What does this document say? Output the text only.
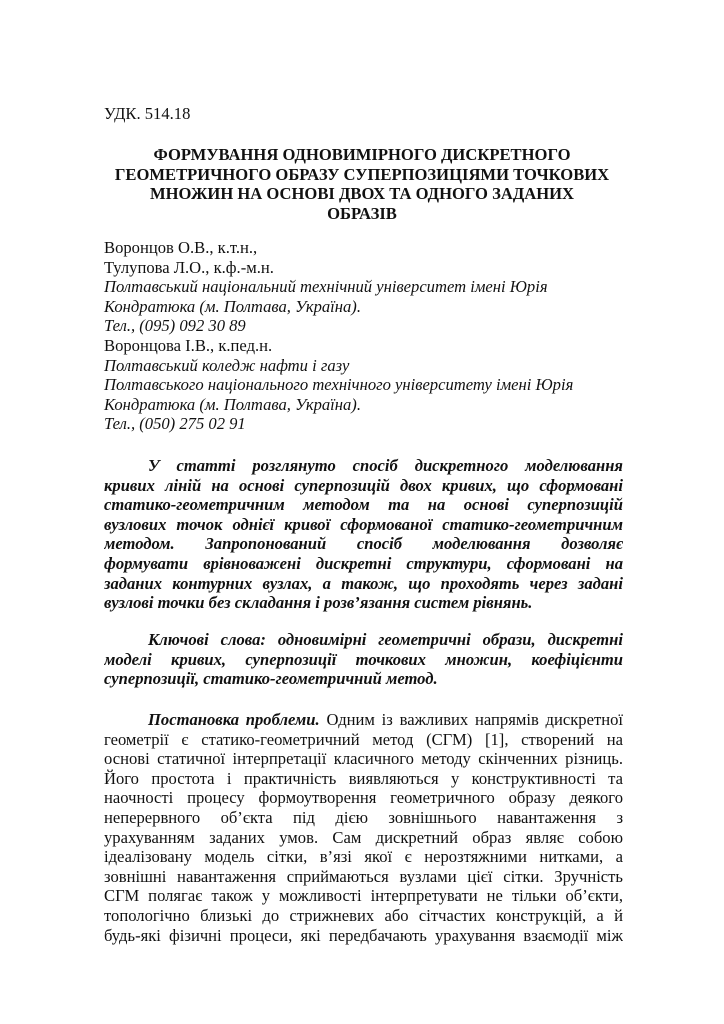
УДК. 514.18
ФОРМУВАННЯ ОДНОВИМІРНОГО ДИСКРЕТНОГО
ГЕОМЕТРИЧНОГО ОБРАЗУ СУПЕРПОЗИЦІЯМИ ТОЧКОВИХ
МНОЖИН НА ОСНОВІ ДВОХ ТА ОДНОГО ЗАДАНИХ
ОБРАЗІВ
Воронцов О.В., к.т.н.,
Тулупова Л.О., к.ф.-м.н.
Полтавський національний технічний університет імені Юрія
Кондратюка (м. Полтава, Україна).
Тел., (095) 092 30 89
Воронцова І.В., к.пед.н.
Полтавський коледж нафти і газу
Полтавського національного технічного університету імені Юрія
Кондратюка (м. Полтава, Україна).
Тел., (050) 275 02 91
У статті розглянуто спосіб дискретного моделювання
кривих ліній на основі суперпозицій двох кривих, що сформовані
статико-геометричним методом та на основі суперпозицій
вузлових точок однієї кривої сформованої статико-геометричним
методом. Запропонований спосіб моделювання дозволяє
формувати врівноважені дискретні структури, сформовані на
заданих контурних вузлах, а також, що проходять через задані
вузлові точки без складання і розв’язання систем рівнянь.
Ключові слова: одновимірні геометричні образи, дискретні
моделі кривих, суперпозиції точкових множин, коефіцієнти
суперпозиції, статико-геометричний метод.
Постановка проблеми. Одним із важливих напрямів дискретної
геометрії є статико-геометричний метод (СГМ) [1], створений на
основі статичної інтерпретації класичного методу скінченних різниць.
Його простота і практичність виявляються у конструктивності та
наочності процесу формоутворення геометричного образу деякого
неперервного об’єкта під дією зовнішнього навантаження з
урахуванням заданих умов. Сам дискретний образ являє собою
ідеалізовану модель сітки, в’язі якої є нерозтяжними нитками, а
зовнішні навантаження сприймаються вузлами цієї сітки. Зручність
СГМ полягає також у можливості інтерпретувати не тільки об’єкти,
топологічно близькі до стрижневих або сітчастих конструкцій, а й
будь-які фізичні процеси, які передбачають урахування взаємодії між
